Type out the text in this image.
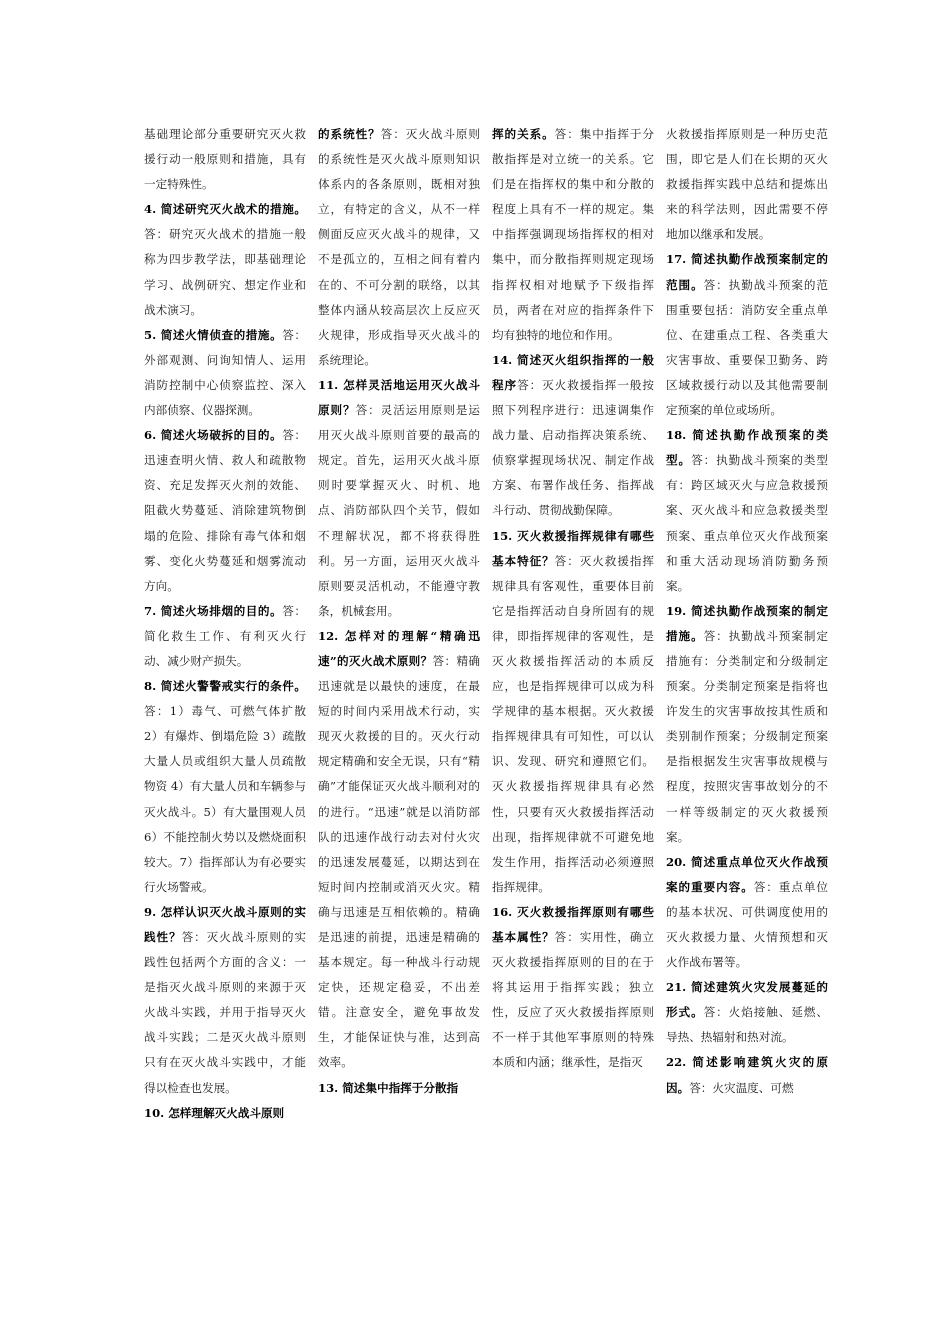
基础理论部分重要研究灭火救援行动一般原则和措施，具有一定特殊性。
4. 简述研究灭火战术的措施。答：研究灭火战术的措施一般称为四步教学法，即基础理论学习、战例研究、想定作业和战术演习。
5. 简述火情侦查的措施。答：外部观测、问询知情人、运用消防控制中心侦察监控、深入内部侦察、仪器探测。
6. 简述火场破拆的目的。答：迅速查明火情、救人和疏散物资、充足发挥灭火剂的效能、阻截火势蔓延、消除建筑物倒塌的危险、排除有毒气体和烟雾、变化火势蔓延和烟雾流动方向。
7. 简述火场排烟的目的。答：简化救生工作、有利灭火行动、减少财产损失。
8. 简述火警警戒实行的条件。答：1）毒气、可燃气体扩散 2）有爆炸、倒塌危险 3）疏散大量人员或组织大量人员疏散物资 4）有大量人员和车辆参与灭火战斗。5）有大量围观人员 6）不能控制火势以及燃烧面积较大。7）指挥部认为有必要实行火场警戒。
9. 怎样认识灭火战斗原则的实践性？答：灭火战斗原则的实践性包括两个方面的含义：一是指灭火战斗原则的来源于灭火战斗实践，并用于指导灭火战斗实践；二是灭火战斗原则只有在灭火战斗实践中，才能得以检查也发展。
10. 怎样理解灭火战斗原则
的系统性？答：灭火战斗原则的系统性是灭火战斗原则知识体系内的各条原则，既相对独立，有特定的含义，从不一样侧面反应灭火战斗的规律，又不是孤立的，互相之间有着内在的、不可分割的联络，以其整体内涵从较高层次上反应灭火规律，形成指导灭火战斗的系统理论。
11. 怎样灵活地运用灭火战斗原则？答：灵活运用原则是运用灭火战斗原则首要的最高的规定。首先，运用灭火战斗原则时要掌握灭火、时机、地点、消防部队四个关节，假如不理解状况，都不将获得胜利。另一方面，运用灭火战斗原则要灵活机动，不能遵守教条，机械套用。
12. 怎样对的理解“精确迅速”的灭火战术原则？答：精确迅速就是以最快的速度，在最短的时间内采用战术行动，实现灭火救援的目的。灭火行动规定精确和安全无误，只有“精确”才能保证灭火战斗顺利对的的进行。“迅速”就是以消防部队的迅速作战行动去对付火灾的迅速发展蔓延，以期达到在短时间内控制或消灭火灾。精确与迅速是互相依赖的。精确是迅速的前提，迅速是精确的基本规定。每一种战斗行动规定快，还规定稳妥，不出差错。注意安全，避免事故发生，才能保证快与准，达到高效率。
13. 简述集中指挥于分散指
挥的关系。答：集中指挥于分散指挥是对立统一的关系。它们是在指挥权的集中和分散的程度上具有不一样的规定。集中指挥强调现场指挥权的相对集中，而分散指挥则规定现场指挥权相对地赋予下级指挥员，两者在对应的指挥条件下均有独特的地位和作用。
14. 简述灭火组织指挥的一般程序答：灭火救援指挥一般按照下列程序进行：迅速调集作战力量、启动指挥决策系统、侦察掌握现场状况、制定作战方案、布署作战任务、指挥战斗行动、贯彻战勤保障。
15. 灭火救援指挥规律有哪些基本特征？答：灭火救援指挥规律具有客观性，重要体目前它是指挥活动自身所固有的规律，即指挥规律的客观性，是灭火救援指挥活动的本质反应，也是指挥规律可以成为科学规律的基本根据。灭火救援指挥规律具有可知性，可以认识、发现、研究和遵照它们。灭火救援指挥规律具有必然性，只要有灭火救援指挥活动出现，指挥规律就不可避免地发生作用，指挥活动必须遵照指挥规律。
16. 灭火救援指挥原则有哪些基本属性？答：实用性，确立灭火救援指挥原则的目的在于将其运用于指挥实践；独立性，反应了灭火救援指挥原则不一样于其他军事原则的特殊本质和内涵；继承性，是指灭
火救援指挥原则是一种历史范围，即它是人们在长期的灭火救援指挥实践中总结和提炼出来的科学法则，因此需要不停地加以继承和发展。
17. 简述执勤作战预案制定的范围。答：执勤战斗预案的范围重要包括：消防安全重点单位、在建重点工程、各类重大灾害事故、重要保卫勤务、跨区域救援行动以及其他需要制定预案的单位或场所。
18. 简述执勤作战预案的类型。答：执勤战斗预案的类型有：跨区域灭火与应急救援预案、灭火战斗和应急救援类型预案、重点单位灭火作战预案和重大活动现场消防勤务预案。
19. 简述执勤作战预案的制定措施。答：执勤战斗预案制定措施有：分类制定和分级制定预案。分类制定预案是指将也许发生的灾害事故按其性质和类别制作预案；分级制定预案是指根据发生灾害事故规模与程度，按照灾害事故划分的不一样等级制定的灭火救援预案。
20. 简述重点单位灭火作战预案的重要内容。答：重点单位的基本状况、可供调度使用的灭火救援力量、火情预想和灭火作战布署等。
21. 简述建筑火灾发展蔓延的形式。答：火焰接触、延燃、导热、热辐射和热对流。
22. 简述影响建筑火灾的原因。答：火灾温度、可燃
